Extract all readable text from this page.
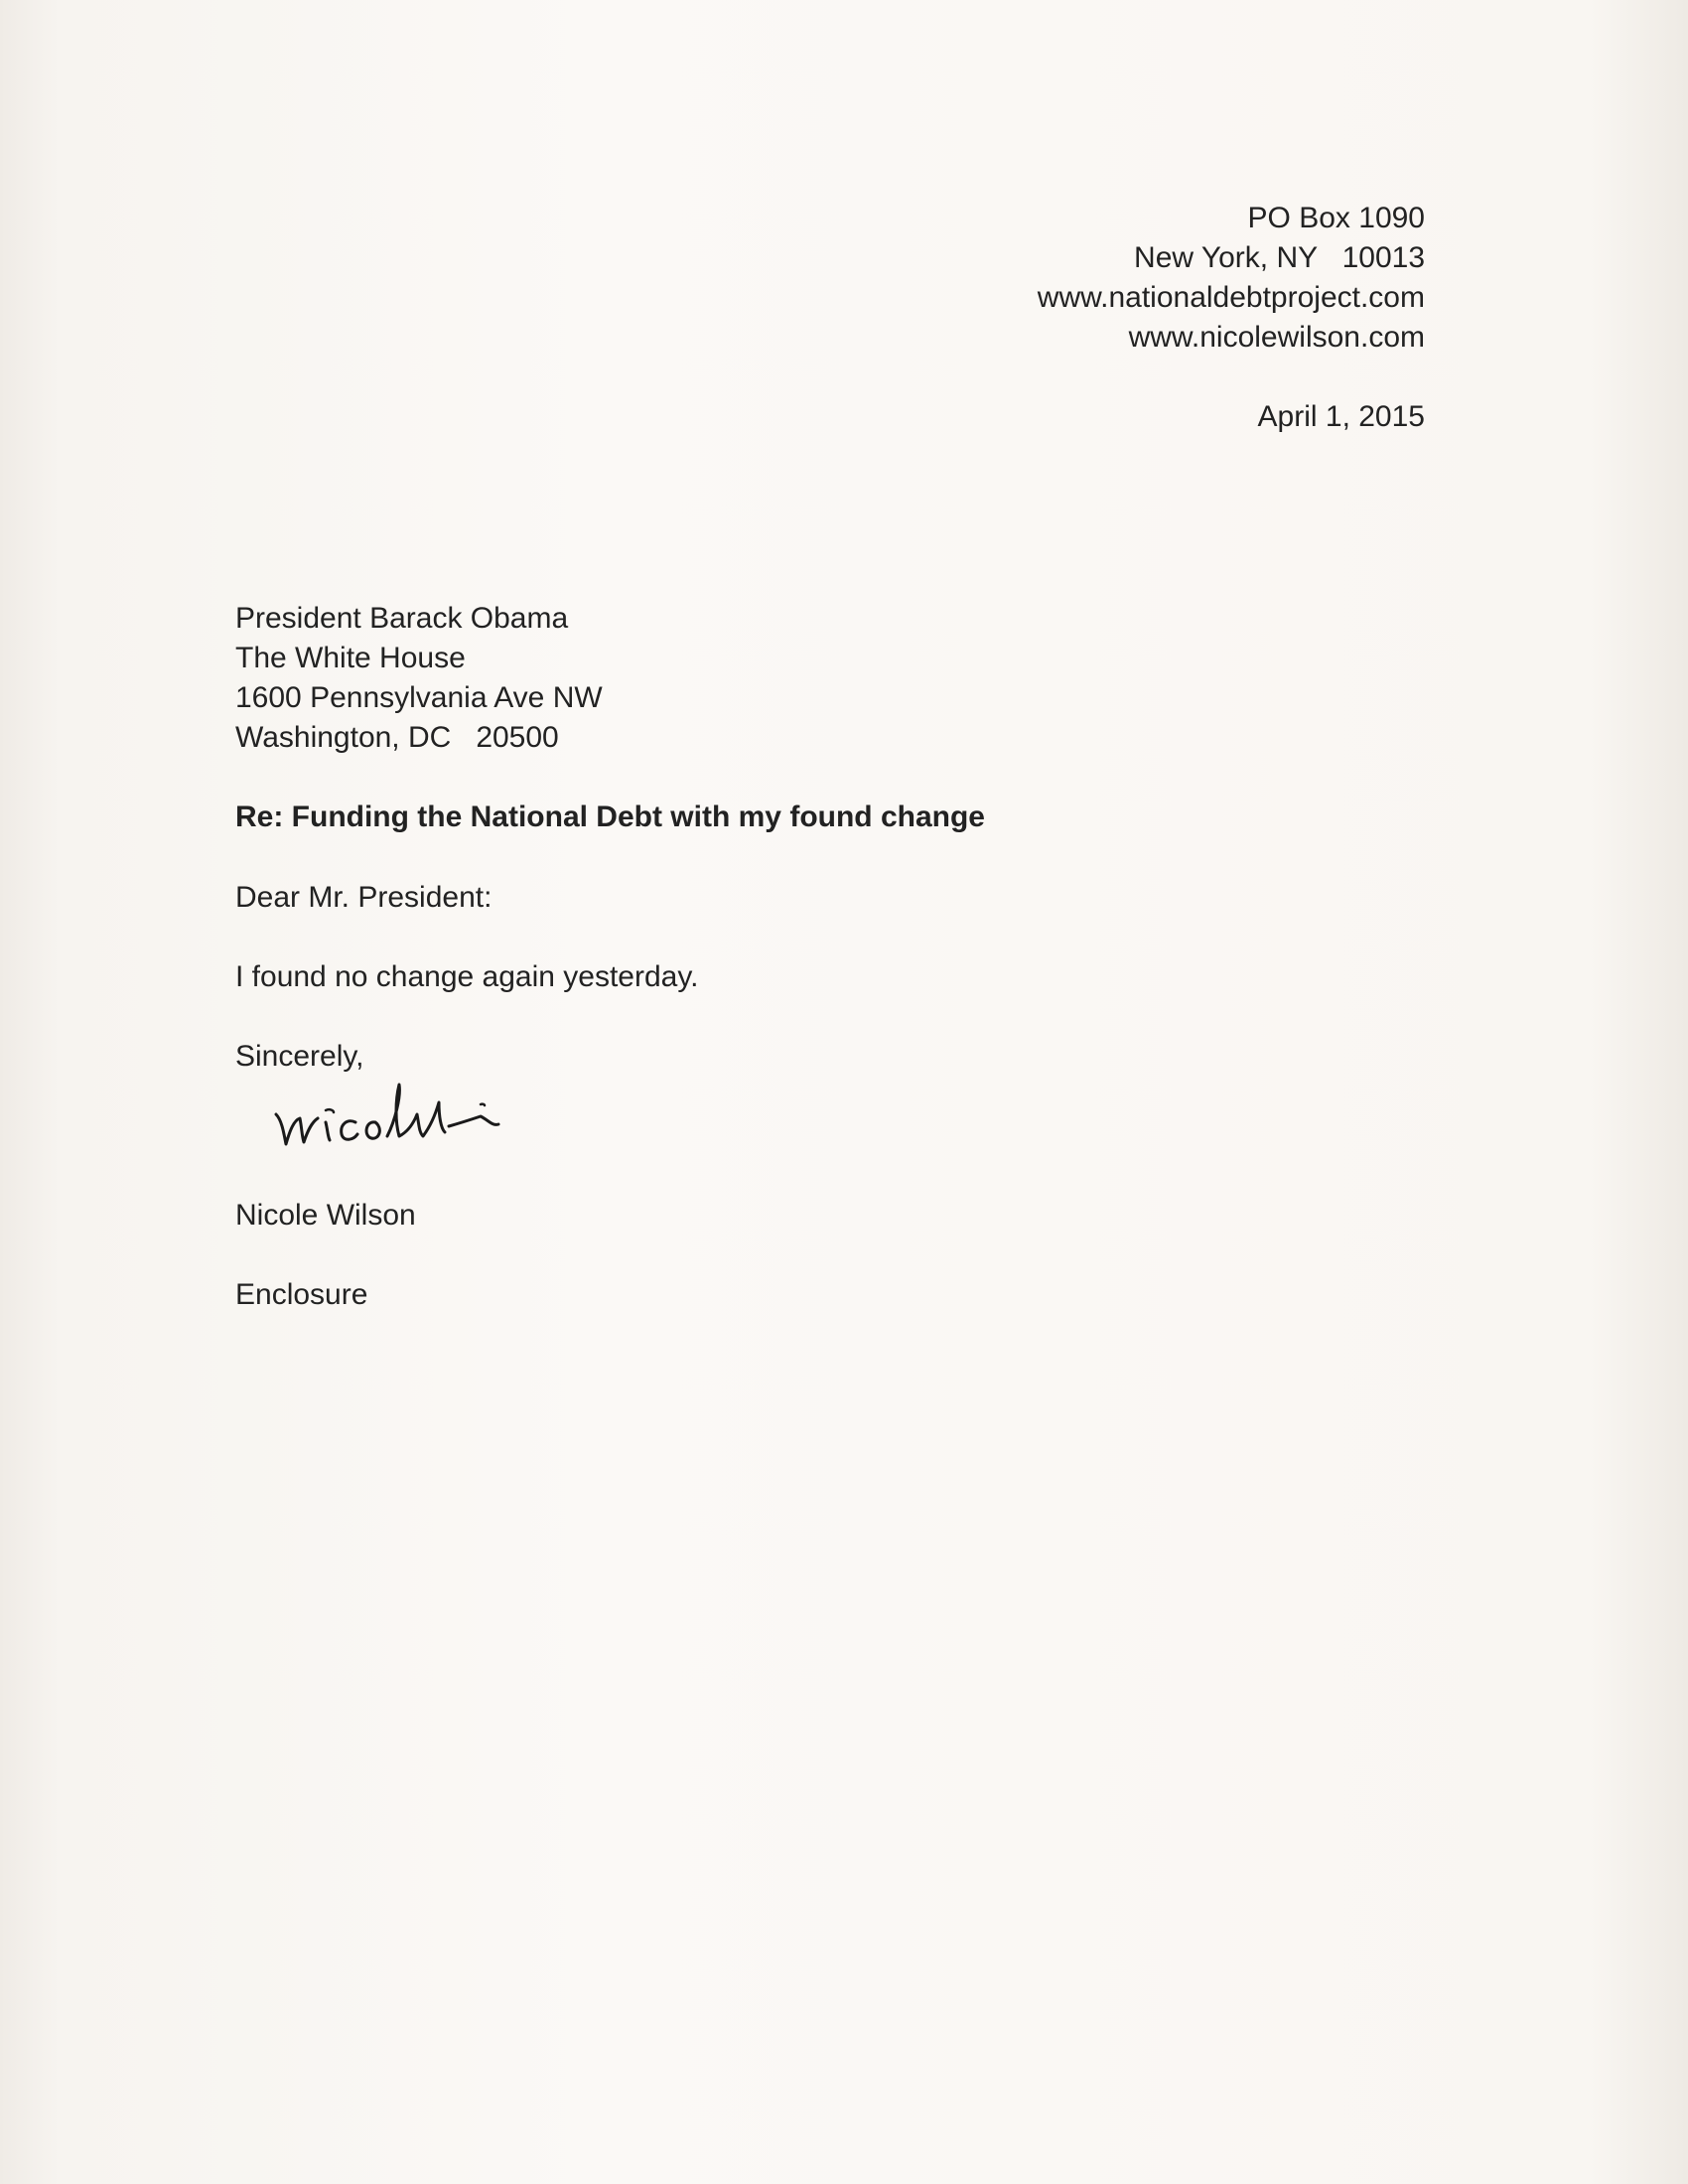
PO Box 1090
New York, NY   10013
www.nationaldebtproject.com
www.nicolewilson.com
April 1, 2015
President Barack Obama
The White House
1600 Pennsylvania Ave NW
Washington, DC   20500
Re: Funding the National Debt with my found change
Dear Mr. President:
I found no change again yesterday.
Sincerely,
Nicole Wilson
Enclosure
